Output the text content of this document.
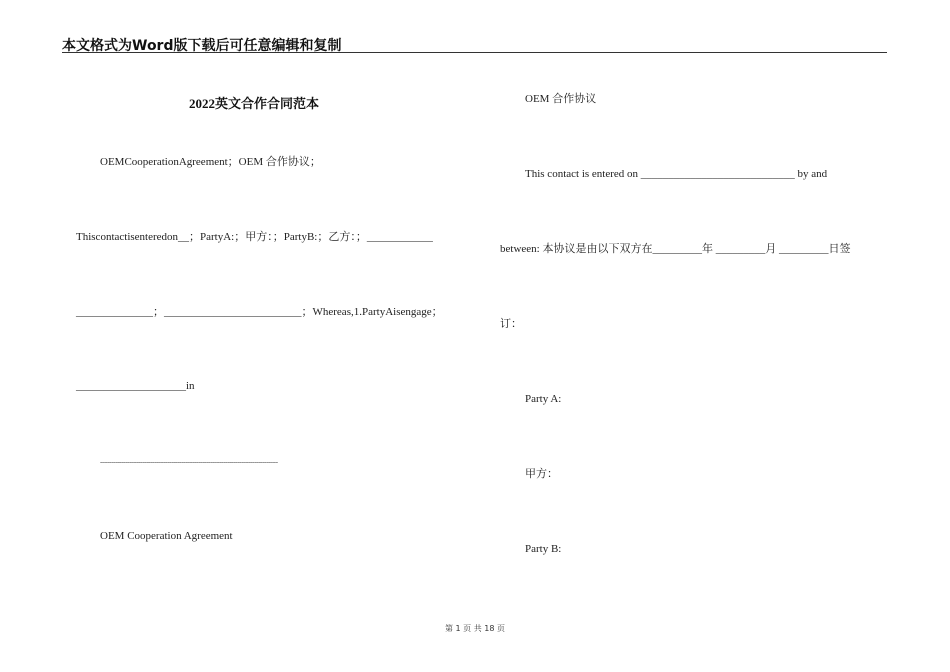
本文格式为Word版下载后可任意编辑和复制
2022英文合作合同范本
OEMCooperationAgreement；OEM 合作协议；
Thiscontactisenteredon__；PartyA:；甲方：；PartyB:；乙方：；____________
______________；_________________________；Whereas,1.PartyAisengage；
____________________in
--------------------------------------------------------------------------------------------
OEM Cooperation Agreement
OEM 合作协议
This contact is entered on ____________________________ by and
between: 本协议是由以下双方在_________年 _________月 _________日签
订：
Party A:
甲方：
Party B:
第 1 页 共 18 页
